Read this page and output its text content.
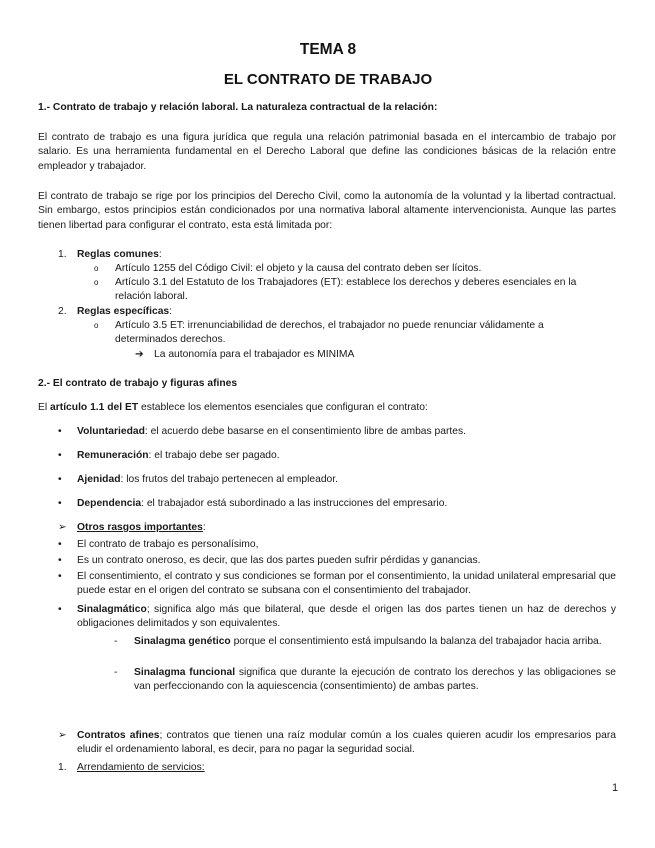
TEMA 8
EL CONTRATO DE TRABAJO
1.- Contrato de trabajo y relación laboral. La naturaleza contractual de la relación:

El contrato de trabajo es una figura jurídica que regula una relación patrimonial basada en el intercambio de trabajo por salario. Es una herramienta fundamental en el Derecho Laboral que define las condiciones básicas de la relación entre empleador y trabajador.

El contrato de trabajo se rige por los principios del Derecho Civil, como la autonomía de la voluntad y la libertad contractual. Sin embargo, estos principios están condicionados por una normativa laboral altamente intervencionista. Aunque las partes tienen libertad para configurar el contrato, esta está limitada por:

1. Reglas comunes:
o Artículo 1255 del Código Civil: el objeto y la causa del contrato deben ser lícitos.
o Artículo 3.1 del Estatuto de los Trabajadores (ET): establece los derechos y deberes esenciales en la relación laboral.
2. Reglas específicas:
o Artículo 3.5 ET: irrenunciabilidad de derechos, el trabajador no puede renunciar válidamente a determinados derechos.
➔ La autonomía para el trabajador es MINIMA
2.- El contrato de trabajo y figuras afines
El artículo 1.1 del ET establece los elementos esenciales que configuran el contrato:
• Voluntariedad: el acuerdo debe basarse en el consentimiento libre de ambas partes.
• Remuneración: el trabajo debe ser pagado.
• Ajenidad: los frutos del trabajo pertenecen al empleador.
• Dependencia: el trabajador está subordinado a las instrucciones del empresario.
➢ Otros rasgos importantes:
• El contrato de trabajo es personalísimo,
• Es un contrato oneroso, es decir, que las dos partes pueden sufrir pérdidas y ganancias.
• El consentimiento, el contrato y sus condiciones se forman por el consentimiento, la unidad unilateral empresarial que puede estar en el origen del contrato se subsana con el consentimiento del trabajador.
• Sinalagmático; significa algo más que bilateral, que desde el origen las dos partes tienen un haz de derechos y obligaciones delimitados y son equivalentes.
- Sinalagma genético porque el consentimiento está impulsando la balanza del trabajador hacia arriba.
- Sinalagma funcional significa que durante la ejecución de contrato los derechos y las obligaciones se van perfeccionando con la aquiescencia (consentimiento) de ambas partes.
➢ Contratos afines; contratos que tienen una raíz modular común a los cuales quieren acudir los empresarios para eludir el ordenamiento laboral, es decir, para no pagar la seguridad social.
1. Arrendamiento de servicios:
1
